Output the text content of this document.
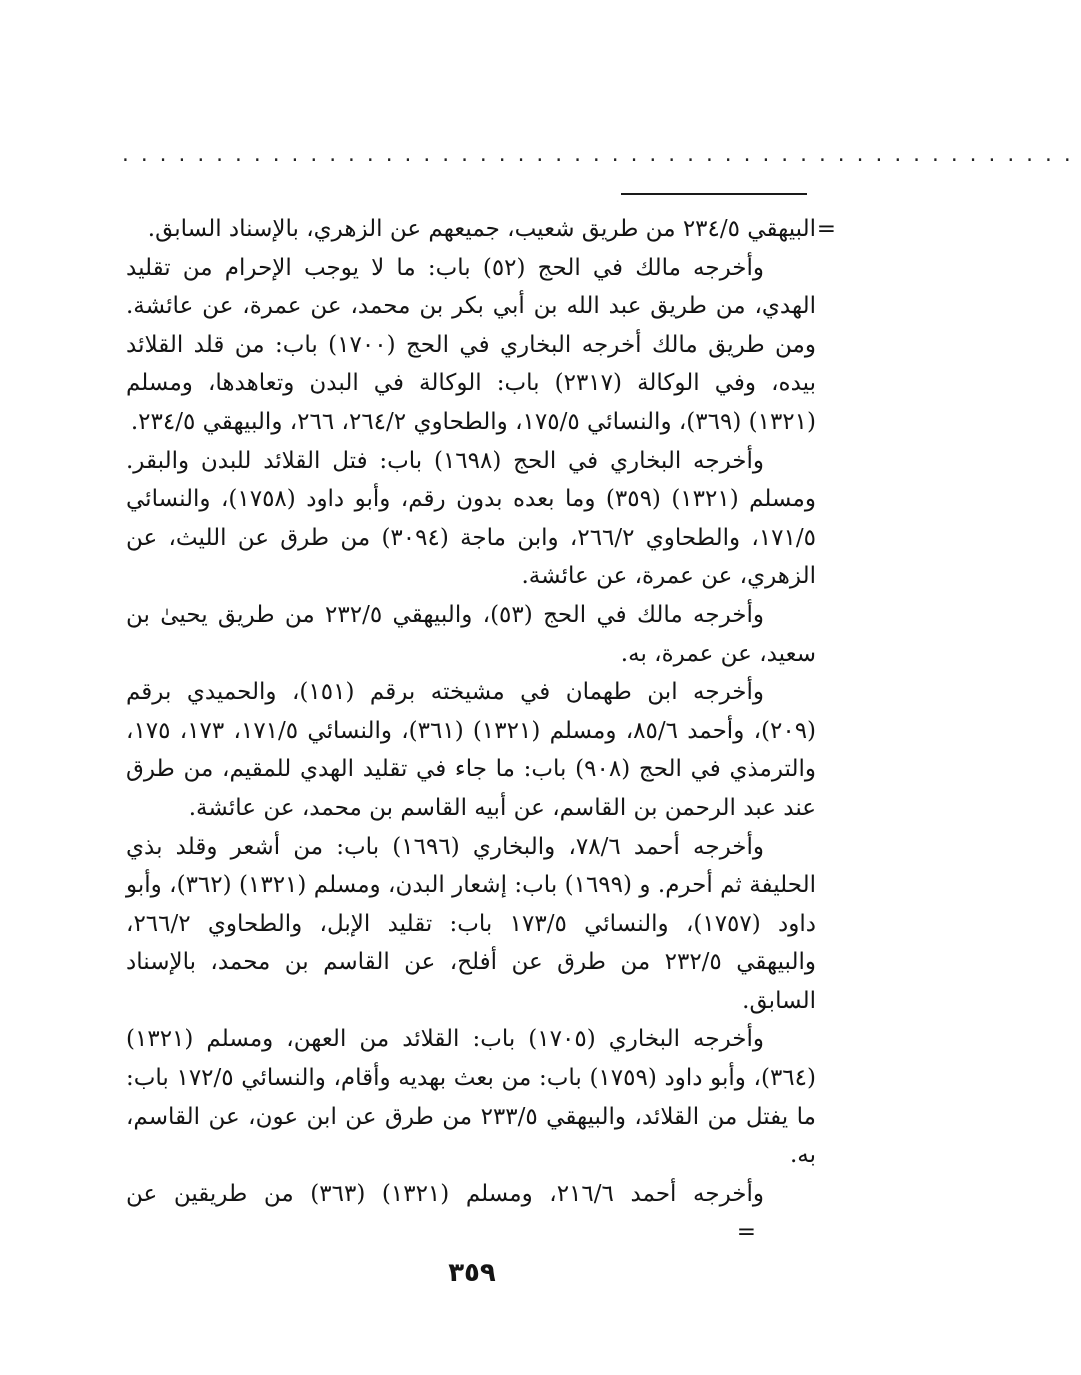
...................................................

=
البيهقي ٢٣٤/٥ من طريق شعيب، جميعهم عن الزهري، بالإسناد السابق.

وأخرجه مالك في الحج (٥٢) باب: ما لا يوجب الإحرام من تقليد الهدي، من طريق عبد الله بن أبي بكر بن محمد، عن عمرة، عن عائشة. ومن طريق مالك أخرجه البخاري في الحج (١٧٠٠) باب: من قلد القلائد بيده، وفي الوكالة (٢٣١٧) باب: الوكالة في البدن وتعاهدها، ومسلم (١٣٢١) (٣٦٩)، والنسائي ١٧٥/٥، والطحاوي ٢٦٤/٢، ٢٦٦، والبيهقي ٢٣٤/٥.

وأخرجه البخاري في الحج (١٦٩٨) باب: فتل القلائد للبدن والبقر. ومسلم (١٣٢١) (٣٥٩) وما بعده بدون رقم، وأبو داود (١٧٥٨)، والنسائي ١٧١/٥، والطحاوي ٢٦٦/٢، وابن ماجة (٣٠٩٤) من طرق عن الليث، عن الزهري، عن عمرة، عن عائشة.

وأخرجه مالك في الحج (٥٣)، والبيهقي ٢٣٢/٥ من طريق يحيىٰ بن سعيد، عن عمرة، به.

وأخرجه ابن طهمان في مشيخته برقم (١٥١)، والحميدي برقم (٢٠٩)، وأحمد ٨٥/٦، ومسلم (١٣٢١) (٣٦١)، والنسائي ١٧١/٥، ١٧٣، ١٧٥، والترمذي في الحج (٩٠٨) باب: ما جاء في تقليد الهدي للمقيم، من طرق عند عبد الرحمن بن القاسم، عن أبيه القاسم بن محمد، عن عائشة.

وأخرجه أحمد ٧٨/٦، والبخاري (١٦٩٦) باب: من أشعر وقلد بذي الحليفة ثم أحرم. و (١٦٩٩) باب: إشعار البدن، ومسلم (١٣٢١) (٣٦٢)، وأبو داود (١٧٥٧)، والنسائي ١٧٣/٥ باب: تقليد الإبل، والطحاوي ٢٦٦/٢، والبيهقي ٢٣٢/٥ من طرق عن أفلح، عن القاسم بن محمد، بالإسناد السابق.

وأخرجه البخاري (١٧٠٥) باب: القلائد من العهن، ومسلم (١٣٢١) (٣٦٤)، وأبو داود (١٧٥٩) باب: من بعث بهديه وأقام، والنسائي ١٧٢/٥ باب: ما يفتل من القلائد، والبيهقي ٢٣٣/٥ من طرق عن ابن عون، عن القاسم، به.

وأخرجه أحمد ٢١٦/٦، ومسلم (١٣٢١) (٣٦٣) من طريقين عن=

٣٥٩
